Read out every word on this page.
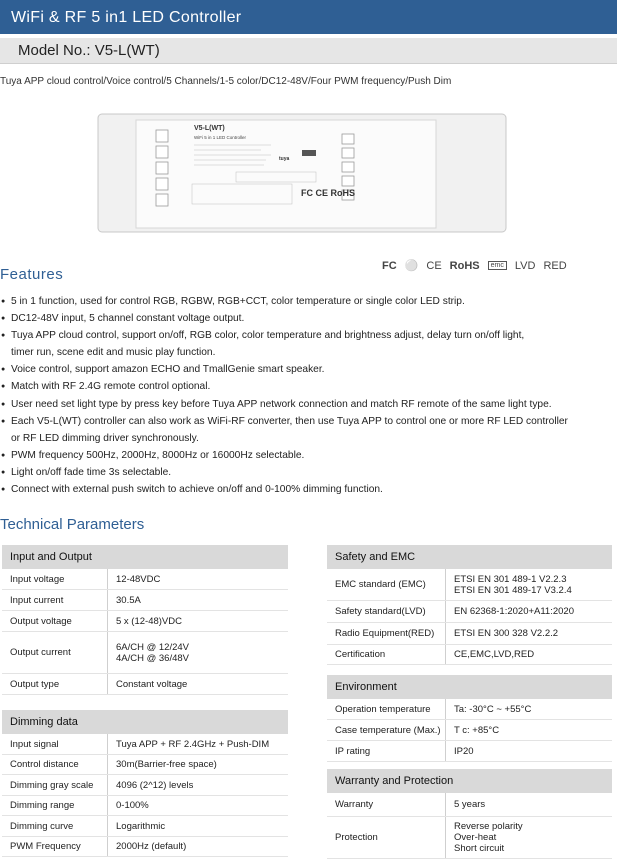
WiFi & RF 5 in1 LED Controller
Model No.: V5-L(WT)
Tuya APP cloud control/Voice control/5 Channels/1-5 color/DC12-48V/Four PWM frequency/Push Dim
V5-L(WT)
WiFi 5 in 1 LED Controller
tuya
FC CE RoHS
Features
FC ⚪ CE RoHS	emc LVD RED
● 5 in 1 function, used for control RGB, RGBW, RGB+CCT, color temperature or single color LED strip.
● DC12-48V input, 5 channel constant voltage output.
● Tuya APP cloud control, support on/off, RGB color, color temperature and brightness adjust, delay turn on/off light,
timer run, scene edit and music play function.
● Voice control, support amazon ECHO and TmallGenie smart speaker.
● Match with RF 2.4G remote control optional.
● User need set light type by press key before Tuya APP network connection and match RF remote of the same light type.
● Each V5-L(WT) controller can also work as WiFi-RF converter, then use Tuya APP to control one or more RF LED controller
or RF LED dimming driver synchronously.
● PWM frequency 500Hz, 2000Hz, 8000Hz or 16000Hz selectable.
● Light on/off fade time 3s selectable.
● Connect with external push switch to achieve on/off and 0-100% dimming function.
Technical Parameters
Input and Output
Input voltage	12-48VDC
Input current	30.5A
Output voltage	5 x (12-48)VDC
Output current	6A/CH @ 12/24V
4A/CH @ 36/48V
Output type	Constant voltage
Dimming data
Input signal	Tuya APP + RF 2.4GHz + Push-DIM
Control distance	30m(Barrier-free space)
Dimming gray scale	4096 (2^12) levels
Dimming range	0-100%
Dimming curve	Logarithmic
PWM Frequency	2000Hz (default)
Safety and EMC
EMC standard (EMC)	ETSI EN 301 489-1 V2.2.3
ETSI EN 301 489-17 V3.2.4
Safety standard(LVD)	EN 62368-1:2020+A11:2020
Radio Equipment(RED)	ETSI EN 300 328 V2.2.2
Certification	CE,EMC,LVD,RED
Environment
Operation temperature	Ta: -30°C ~ +55°C
Case temperature (Max.)	T c: +85°C
IP rating	IP20
Warranty and Protection
Warranty	5 years
Protection
Reverse polarity
Over-heat
Short circuit
